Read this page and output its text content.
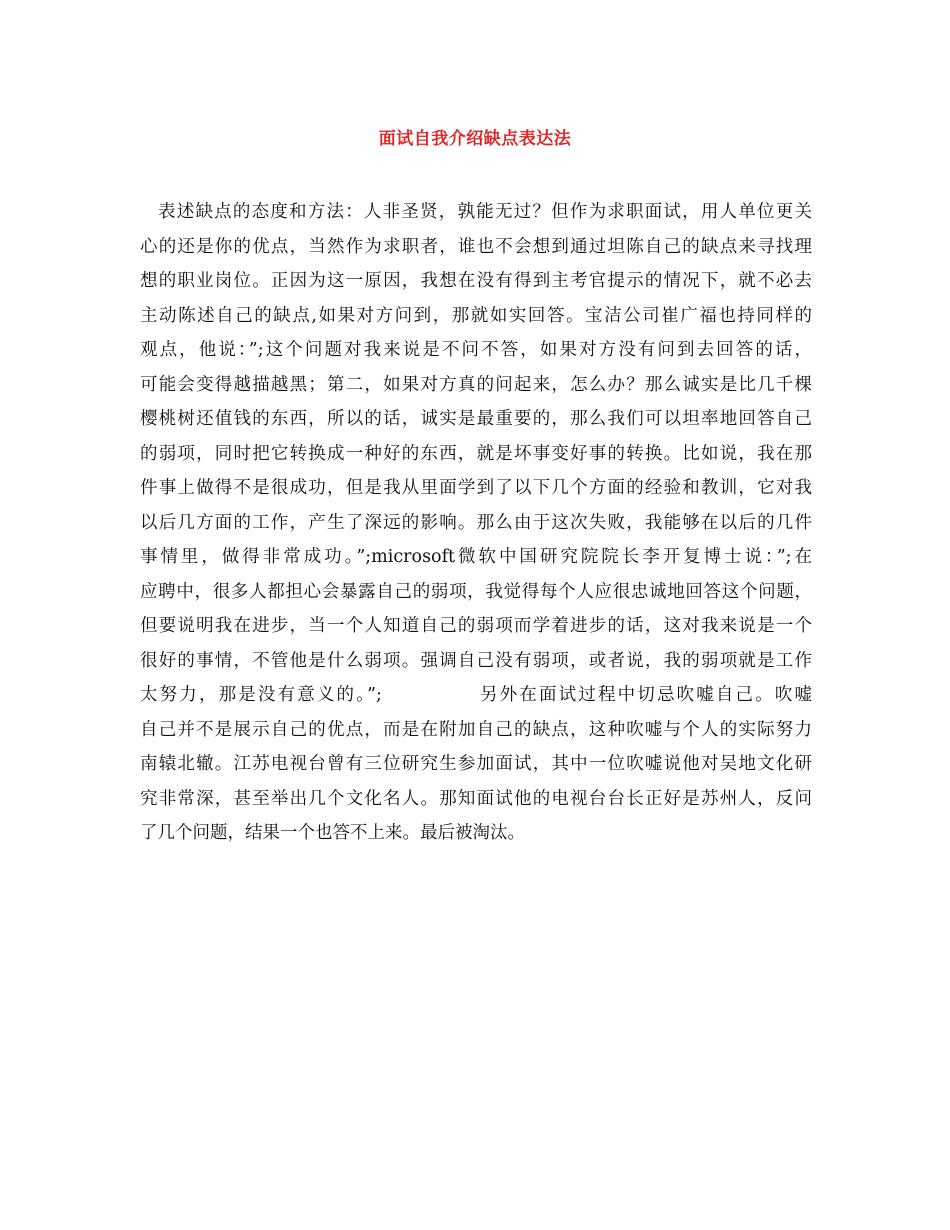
面试自我介绍缺点表达法
表述缺点的态度和方法：人非圣贤，孰能无过？但作为求职面试，用人单位更关
心的还是你的优点，当然作为求职者，谁也不会想到通过坦陈自己的缺点来寻找理
想的职业岗位。正因为这一原因，我想在没有得到主考官提示的情况下，就不必去
主动陈述自己的缺点,如果对方问到，那就如实回答。宝洁公司崔广福也持同样的
观点，他说：”;这个问题对我来说是不问不答，如果对方没有问到去回答的话，
可能会变得越描越黑；第二，如果对方真的问起来，怎么办？那么诚实是比几千棵
樱桃树还值钱的东西，所以的话，诚实是最重要的，那么我们可以坦率地回答自己
的弱项，同时把它转换成一种好的东西，就是坏事变好事的转换。比如说，我在那
件事上做得不是很成功，但是我从里面学到了以下几个方面的经验和教训，它对我
以后几方面的工作，产生了深远的影响。那么由于这次失败，我能够在以后的几件
事情里，做得非常成功。”;microsoft微软中国研究院院长李开复博士说：”;在
应聘中，很多人都担心会暴露自己的弱项，我觉得每个人应很忠诚地回答这个问题，
但要说明我在进步，当一个人知道自己的弱项而学着进步的话，这对我来说是一个
很好的事情，不管他是什么弱项。强调自己没有弱项，或者说，我的弱项就是工作
太努力，那是没有意义的。”;	另外在面试过程中切忌吹嘘自己。吹嘘
自己并不是展示自己的优点，而是在附加自己的缺点，这种吹嘘与个人的实际努力
南辕北辙。江苏电视台曾有三位研究生参加面试，其中一位吹嘘说他对吴地文化研
究非常深，甚至举出几个文化名人。那知面试他的电视台台长正好是苏州人，反问
了几个问题，结果一个也答不上来。最后被淘汰。
